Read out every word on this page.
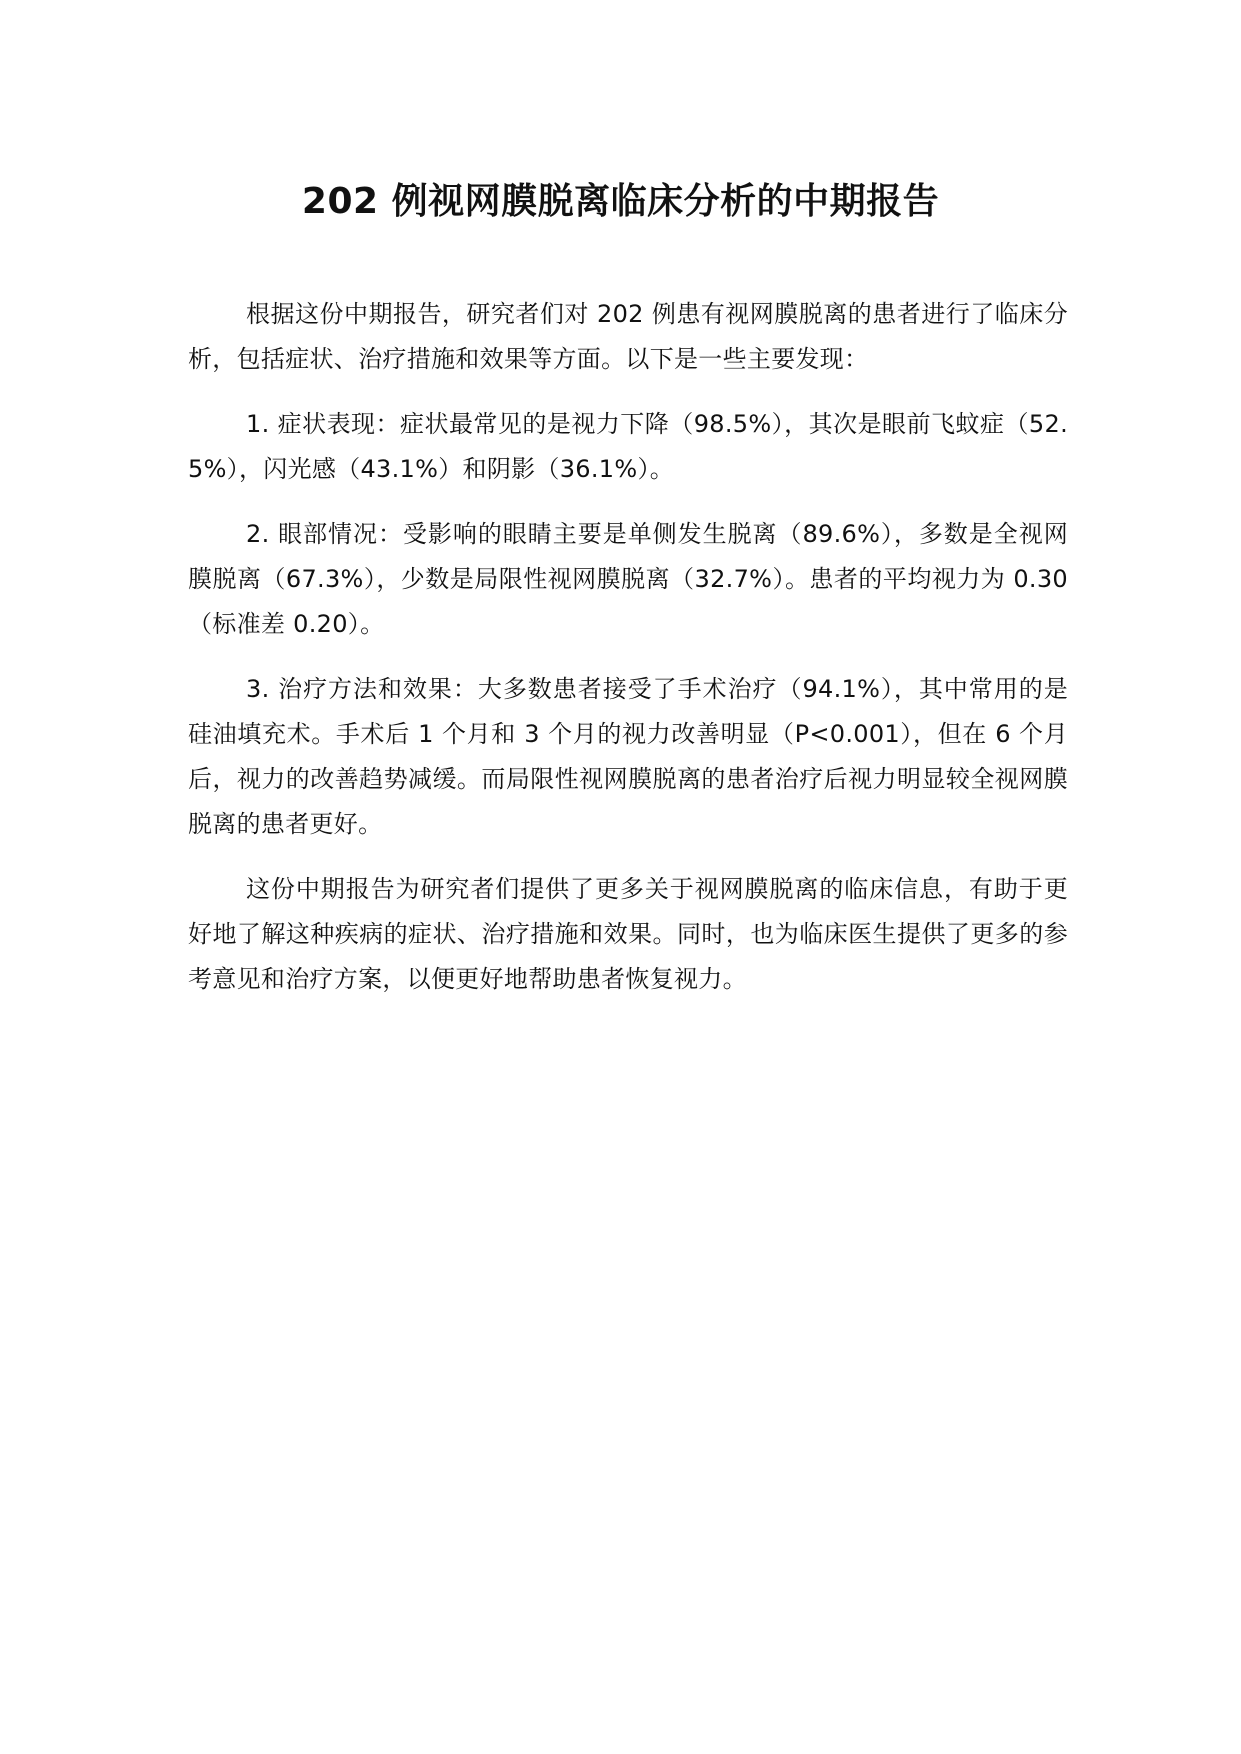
202 例视网膜脱离临床分析的中期报告

根据这份中期报告，研究者们对 202 例患有视网膜脱离的患者进行了临床分析，包括症状、治疗措施和效果等方面。以下是一些主要发现：

1. 症状表现：症状最常见的是视力下降（98.5%），其次是眼前飞蚊症（52.5%），闪光感（43.1%）和阴影（36.1%）。

2. 眼部情况：受影响的眼睛主要是单侧发生脱离（89.6%），多数是全视网膜脱离（67.3%），少数是局限性视网膜脱离（32.7%）。患者的平均视力为 0.30（标准差 0.20）。

3. 治疗方法和效果：大多数患者接受了手术治疗（94.1%），其中常用的是硅油填充术。手术后 1 个月和 3 个月的视力改善明显（P<0.001），但在 6 个月后，视力的改善趋势减缓。而局限性视网膜脱离的患者治疗后视力明显较全视网膜脱离的患者更好。

这份中期报告为研究者们提供了更多关于视网膜脱离的临床信息，有助于更好地了解这种疾病的症状、治疗措施和效果。同时，也为临床医生提供了更多的参考意见和治疗方案，以便更好地帮助患者恢复视力。
